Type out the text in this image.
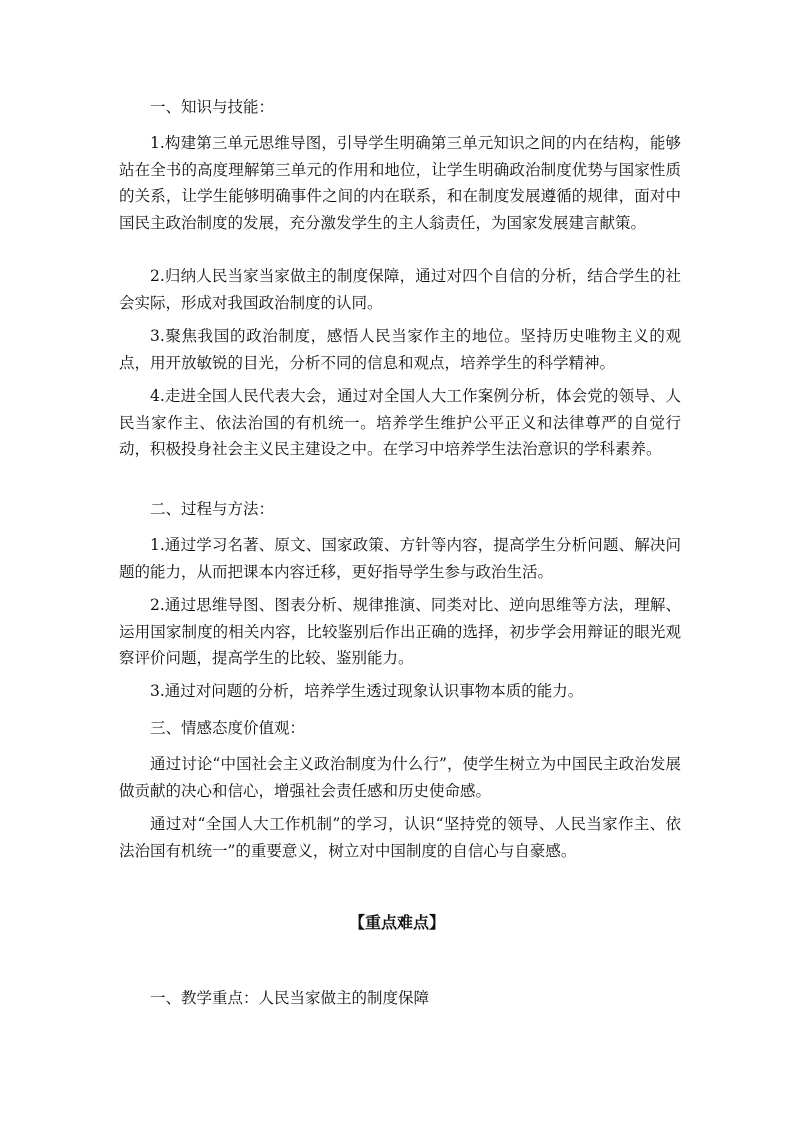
一、知识与技能：
1.构建第三单元思维导图，引导学生明确第三单元知识之间的内在结构，能够站在全书的高度理解第三单元的作用和地位，让学生明确政治制度优势与国家性质的关系，让学生能够明确事件之间的内在联系，和在制度发展遵循的规律，面对中国民主政治制度的发展，充分激发学生的主人翁责任，为国家发展建言献策。
2.归纳人民当家当家做主的制度保障，通过对四个自信的分析，结合学生的社会实际，形成对我国政治制度的认同。
3.聚焦我国的政治制度，感悟人民当家作主的地位。坚持历史唯物主义的观点，用开放敏锐的目光，分析不同的信息和观点，培养学生的科学精神。
4.走进全国人民代表大会，通过对全国人大工作案例分析，体会党的领导、人民当家作主、依法治国的有机统一。培养学生维护公平正义和法律尊严的自觉行动，积极投身社会主义民主建设之中。在学习中培养学生法治意识的学科素养。
二、过程与方法：
1.通过学习名著、原文、国家政策、方针等内容，提高学生分析问题、解决问题的能力，从而把课本内容迁移，更好指导学生参与政治生活。
2.通过思维导图、图表分析、规律推演、同类对比、逆向思维等方法，理解、运用国家制度的相关内容，比较鉴别后作出正确的选择，初步学会用辩证的眼光观察评价问题，提高学生的比较、鉴别能力。
3.通过对问题的分析，培养学生透过现象认识事物本质的能力。
三、情感态度价值观：
通过讨论“中国社会主义政治制度为什么行”，使学生树立为中国民主政治发展做贡献的决心和信心，增强社会责任感和历史使命感。
通过对“全国人大工作机制”的学习，认识“坚持党的领导、人民当家作主、依法治国有机统一”的重要意义，树立对中国制度的自信心与自豪感。
【重点难点】
一、教学重点：人民当家做主的制度保障
